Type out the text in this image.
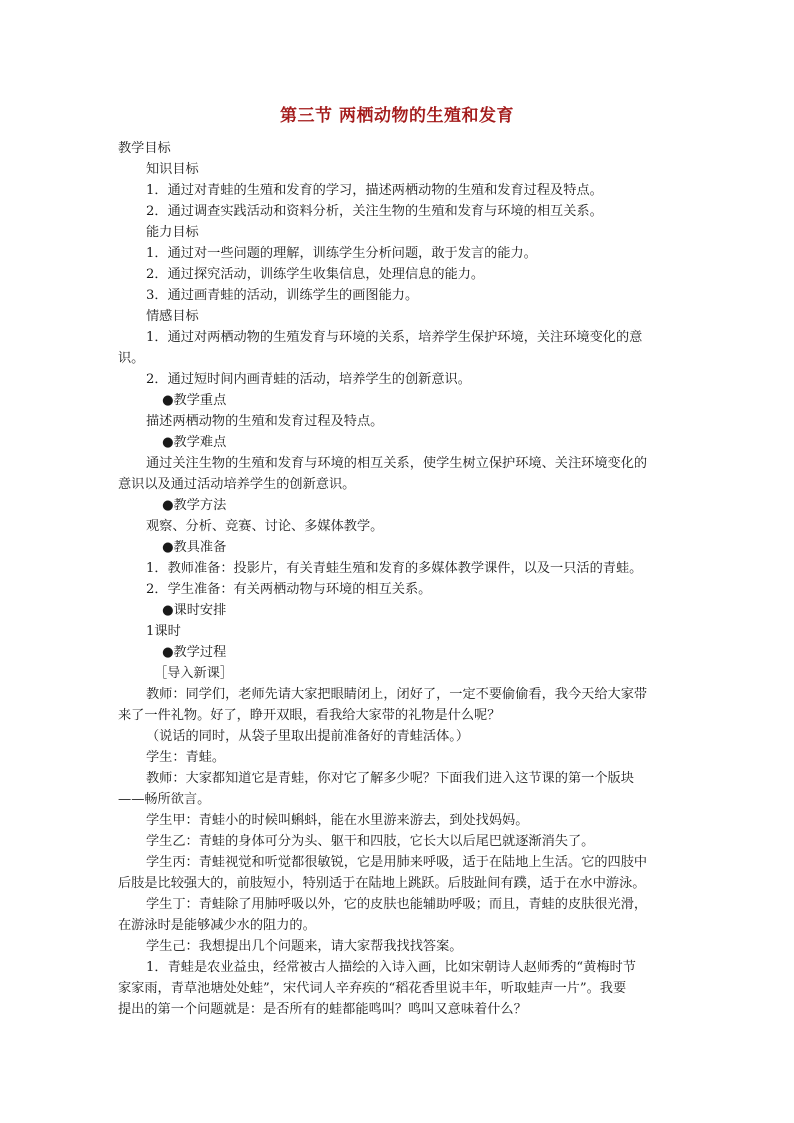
第三节 两栖动物的生殖和发育
教学目标
知识目标
1．通过对青蛙的生殖和发育的学习，描述两栖动物的生殖和发育过程及特点。
2．通过调查实践活动和资料分析，关注生物的生殖和发育与环境的相互关系。
能力目标
1．通过对一些问题的理解，训练学生分析问题，敢于发言的能力。
2．通过探究活动，训练学生收集信息，处理信息的能力。
3．通过画青蛙的活动，训练学生的画图能力。
情感目标
1．通过对两栖动物的生殖发育与环境的关系，培养学生保护环境，关注环境变化的意
识。
2．通过短时间内画青蛙的活动，培养学生的创新意识。
●教学重点
描述两栖动物的生殖和发育过程及特点。
●教学难点
通过关注生物的生殖和发育与环境的相互关系，使学生树立保护环境、关注环境变化的
意识以及通过活动培养学生的创新意识。
●教学方法
观察、分析、竞赛、讨论、多媒体教学。
●教具准备
1．教师准备：投影片，有关青蛙生殖和发育的多媒体教学课件，以及一只活的青蛙。
2．学生准备：有关两栖动物与环境的相互关系。
●课时安排
1课时
●教学过程
［导入新课］
教师：同学们，老师先请大家把眼睛闭上，闭好了，一定不要偷偷看，我今天给大家带
来了一件礼物。好了，睁开双眼，看我给大家带的礼物是什么呢？
（说话的同时，从袋子里取出提前准备好的青蛙活体。）
学生：青蛙。
教师：大家都知道它是青蛙，你对它了解多少呢？下面我们进入这节课的第一个版块
——畅所欲言。
学生甲：青蛙小的时候叫蝌蚪，能在水里游来游去，到处找妈妈。
学生乙：青蛙的身体可分为头、躯干和四肢，它长大以后尾巴就逐渐消失了。
学生丙：青蛙视觉和听觉都很敏锐，它是用肺来呼吸，适于在陆地上生活。它的四肢中
后肢是比较强大的，前肢短小，特别适于在陆地上跳跃。后肢趾间有蹼，适于在水中游泳。
学生丁：青蛙除了用肺呼吸以外，它的皮肤也能辅助呼吸；而且，青蛙的皮肤很光滑，
在游泳时是能够减少水的阻力的。
学生己：我想提出几个问题来，请大家帮我找找答案。
1．青蛙是农业益虫，经常被古人描绘的入诗入画，比如宋朝诗人赵师秀的“黄梅时节
家家雨，青草池塘处处蛙”，宋代词人辛弃疾的“稻花香里说丰年，听取蛙声一片”。我要
提出的第一个问题就是：是否所有的蛙都能鸣叫？鸣叫又意味着什么？
